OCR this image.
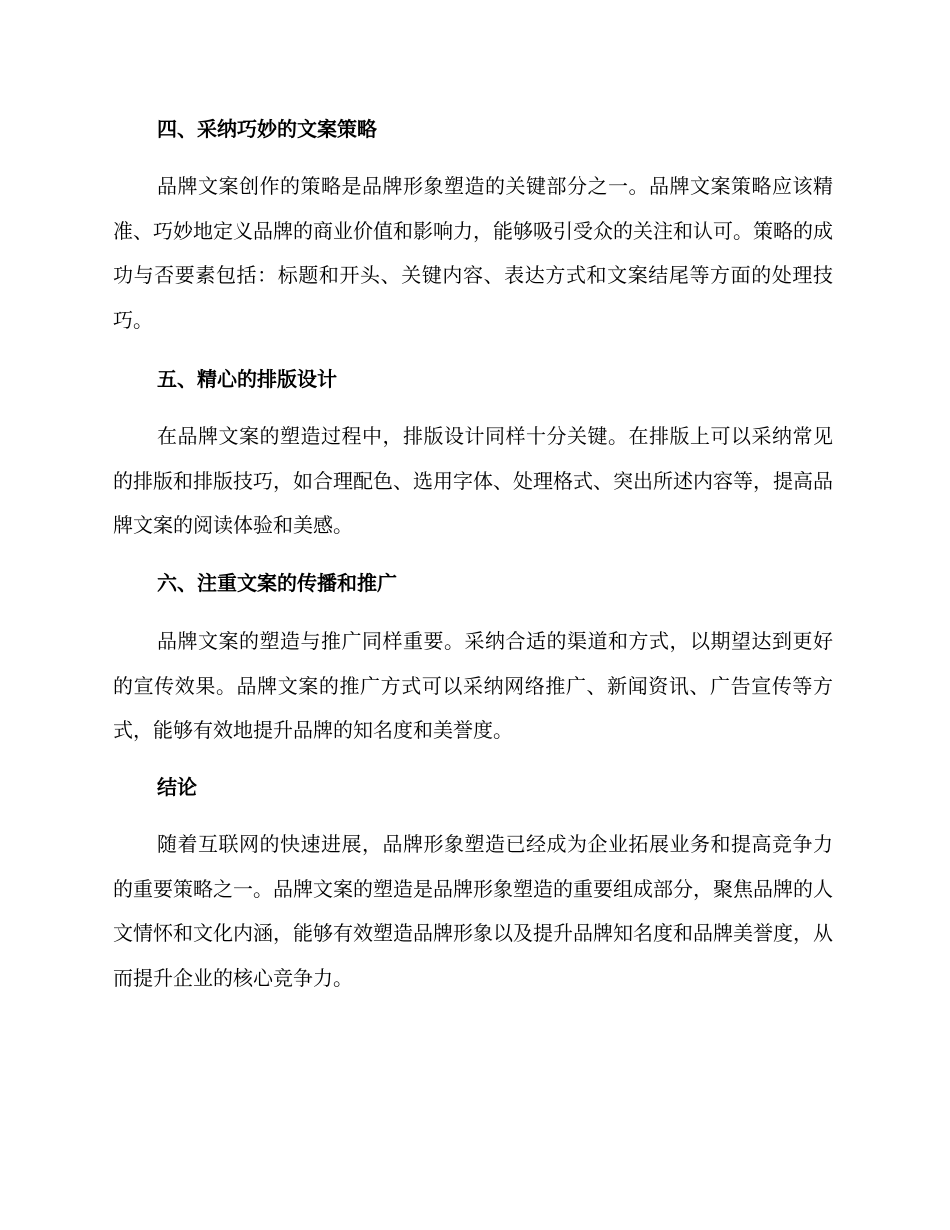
四、采纳巧妙的文案策略

品牌文案创作的策略是品牌形象塑造的关键部分之一。品牌文案策略应该精准、巧妙地定义品牌的商业价值和影响力，能够吸引受众的关注和认可。策略的成功与否要素包括：标题和开头、关键内容、表达方式和文案结尾等方面的处理技巧。

五、精心的排版设计

在品牌文案的塑造过程中，排版设计同样十分关键。在排版上可以采纳常见的排版和排版技巧，如合理配色、选用字体、处理格式、突出所述内容等，提高品牌文案的阅读体验和美感。

六、注重文案的传播和推广

品牌文案的塑造与推广同样重要。采纳合适的渠道和方式，以期望达到更好的宣传效果。品牌文案的推广方式可以采纳网络推广、新闻资讯、广告宣传等方式，能够有效地提升品牌的知名度和美誉度。

结论

随着互联网的快速进展，品牌形象塑造已经成为企业拓展业务和提高竞争力的重要策略之一。品牌文案的塑造是品牌形象塑造的重要组成部分，聚焦品牌的人文情怀和文化内涵，能够有效塑造品牌形象以及提升品牌知名度和品牌美誉度，从而提升企业的核心竞争力。
